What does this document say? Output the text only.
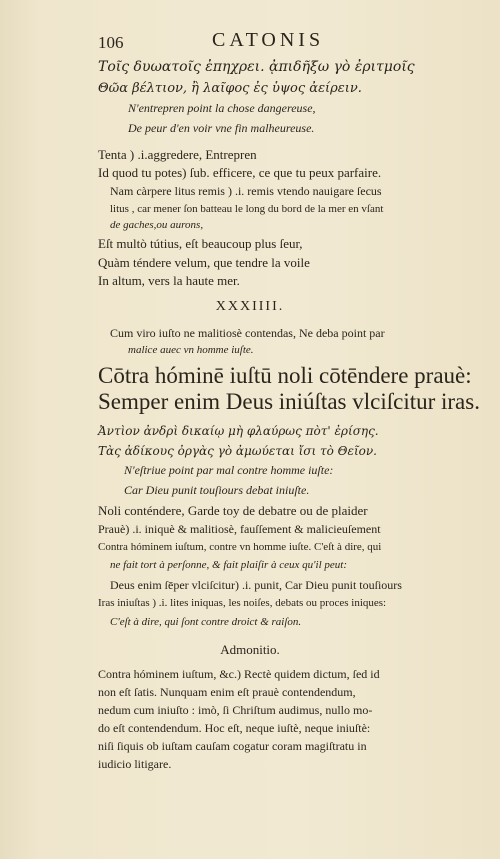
106	CATONIS
Τοῖς δυωατοῖς ἐπηχρει. ᾀπιδῆξω γὸ ἐριτμοῖς
Θῶα βέλτιον, ἢ λαῖφος ἐς ὑψος ἀείρειν.
N'entrepren point la chose dangereuse,
De peur d'en voir vne fin malheureuse.
Tenta ) .i.aggredere, Entrepren
Id quod tu potes) ſub. efficere, ce que tu peux parfaire.
Nam càrpere litus remis ) .i. remis vtendo nauigare ſecus
litus , car mener ſon batteau le long du bord de la mer en vſant
de gaches,ou aurons,
Eſt multò tútius, eſt beaucoup plus ſeur,
Quàm téndere velum, que tendre la voile
In altum, vers la haute mer.
XXXIIII.
Cum viro iuſto ne malitiosè contendas, Ne deba point par
malice auec vn homme iuſte.
Cōtra hóminē iuſtū noli cōtēndere prauè:
Semper enim Deus iniúſtas vlciſcitur iras.
Ἀντὶον ἀνδρὶ δικαίῳ μὴ φλαύρως πὸτ' ἐρίσης.
Τὰς ἀδίκους ὀργὰς γὸ ἀμωύεται ἴσι τὸ Θεῖον.
N'eſtriue point par mal contre homme iuſte:
Car Dieu punit touſiours debat iniuſte.
Noli conténdere, Garde toy de debatre ou de plaider
Prauè) .i. iniquè & malitiosè, fauſſement & malicieuſement
Contra hóminem iuſtum, contre vn homme iuſte. C'eſt à dire, qui
ne fait tort à perſonne, & fait plaiſir à ceux qu'il peut:
Deus enim ſēper vlciſcitur) .i. punit, Car Dieu punit touſiours
Iras iniuſtas ) .i. lites iniquas, les noiſes, debats ou proces iniques:
C'eſt à dire, qui ſont contre droict & raiſon.
Admonitio.
Contra hóminem iuſtum, &c.) Rectè quidem dictum, ſed id
non eſt ſatis. Nunquam enim eſt prauè contendendum,
nedum cum iniuſto : imò, ſi Chriſtum audimus, nullo mo-
do eſt contendendum. Hoc eſt, neque iuſtè, neque iniuſtè:
niſi ſiquis ob iuſtam cauſam cogatur coram magiſtratu in
iudicio litigare.
